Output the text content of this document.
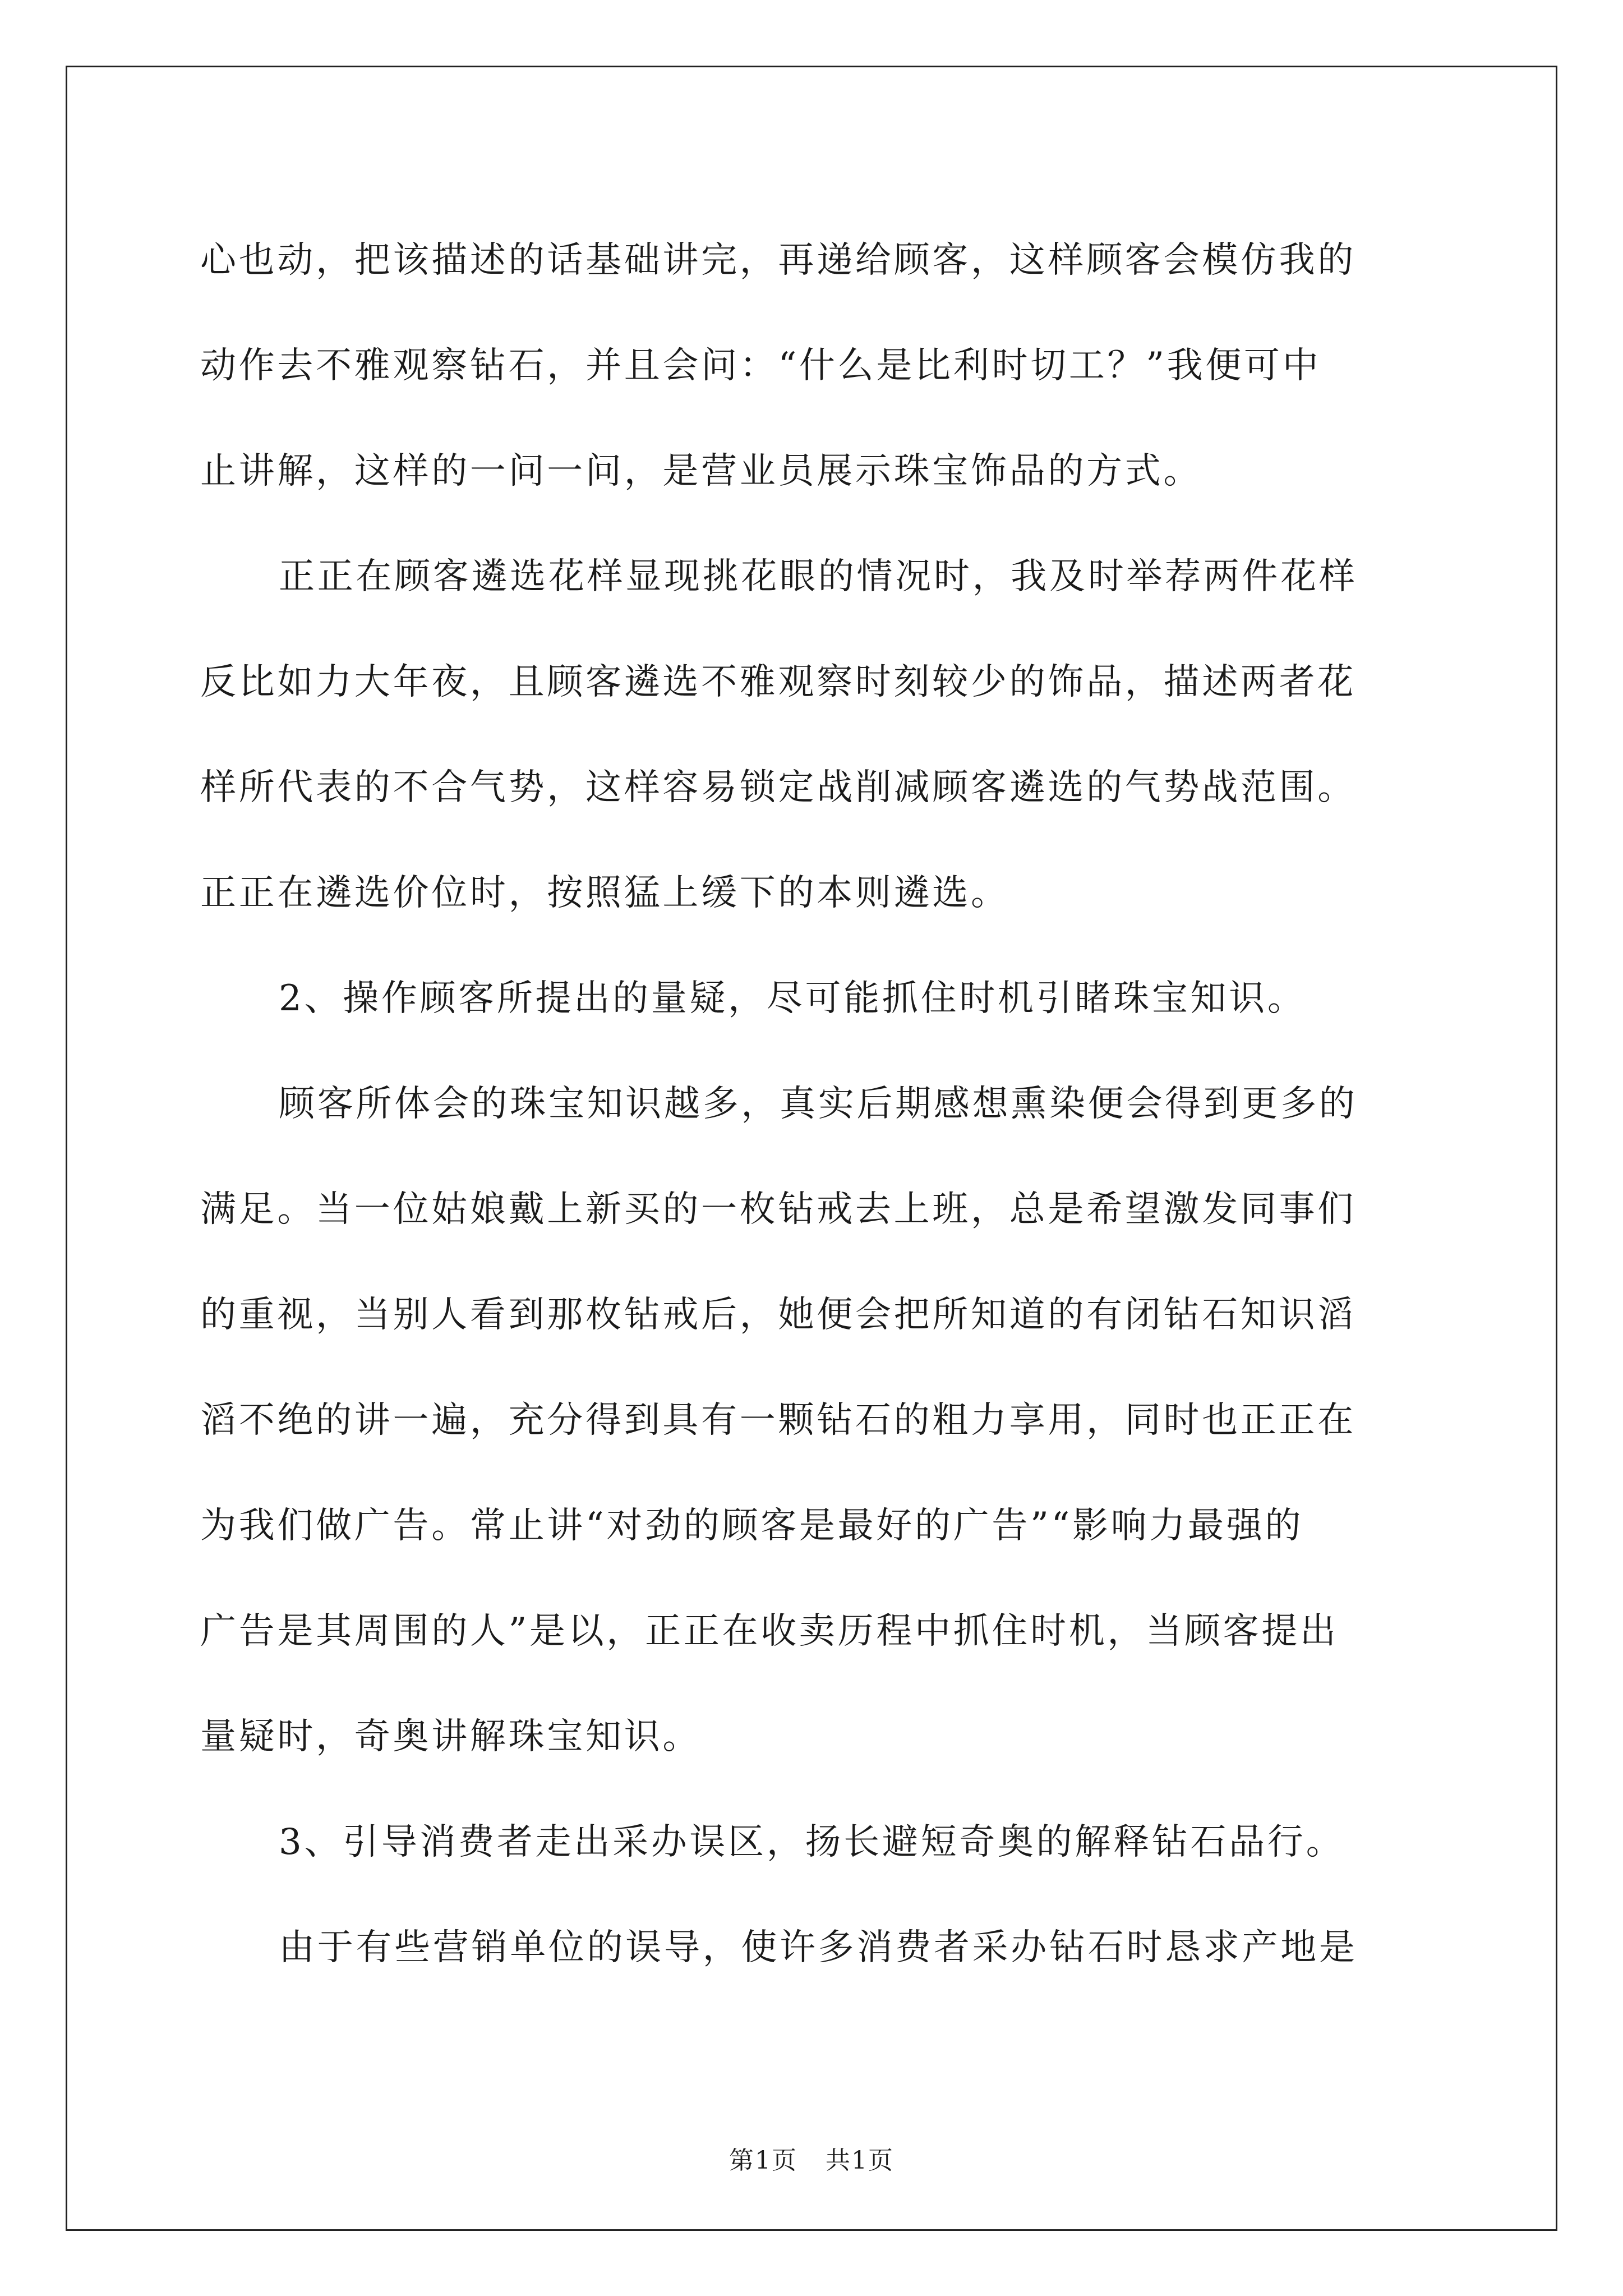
心也动，把该描述的话基础讲完，再递给顾客，这样顾客会模仿我的
动作去不雅观察钻石，并且会问：“什么是比利时切工？”我便可中
止讲解，这样的一问一问，是营业员展示珠宝饰品的方式。
正正在顾客遴选花样显现挑花眼的情况时，我及时举荐两件花样
反比如力大年夜，且顾客遴选不雅观察时刻较少的饰品，描述两者花
样所代表的不合气势，这样容易锁定战削减顾客遴选的气势战范围。
正正在遴选价位时，按照猛上缓下的本则遴选。
2、操作顾客所提出的量疑，尽可能抓住时机引睹珠宝知识。
顾客所体会的珠宝知识越多，真实后期感想熏染便会得到更多的
满足。当一位姑娘戴上新买的一枚钻戒去上班，总是希望激发同事们
的重视，当别人看到那枚钻戒后，她便会把所知道的有闭钻石知识滔
滔不绝的讲一遍，充分得到具有一颗钻石的粗力享用，同时也正正在
为我们做广告。常止讲“对劲的顾客是最好的广告”“影响力最强的
广告是其周围的人”是以，正正在收卖历程中抓住时机，当顾客提出
量疑时，奇奥讲解珠宝知识。
3、引导消费者走出采办误区，扬长避短奇奥的解释钻石品行。
由于有些营销单位的误导，使许多消费者采办钻石时恳求产地是
第1页 共1页
